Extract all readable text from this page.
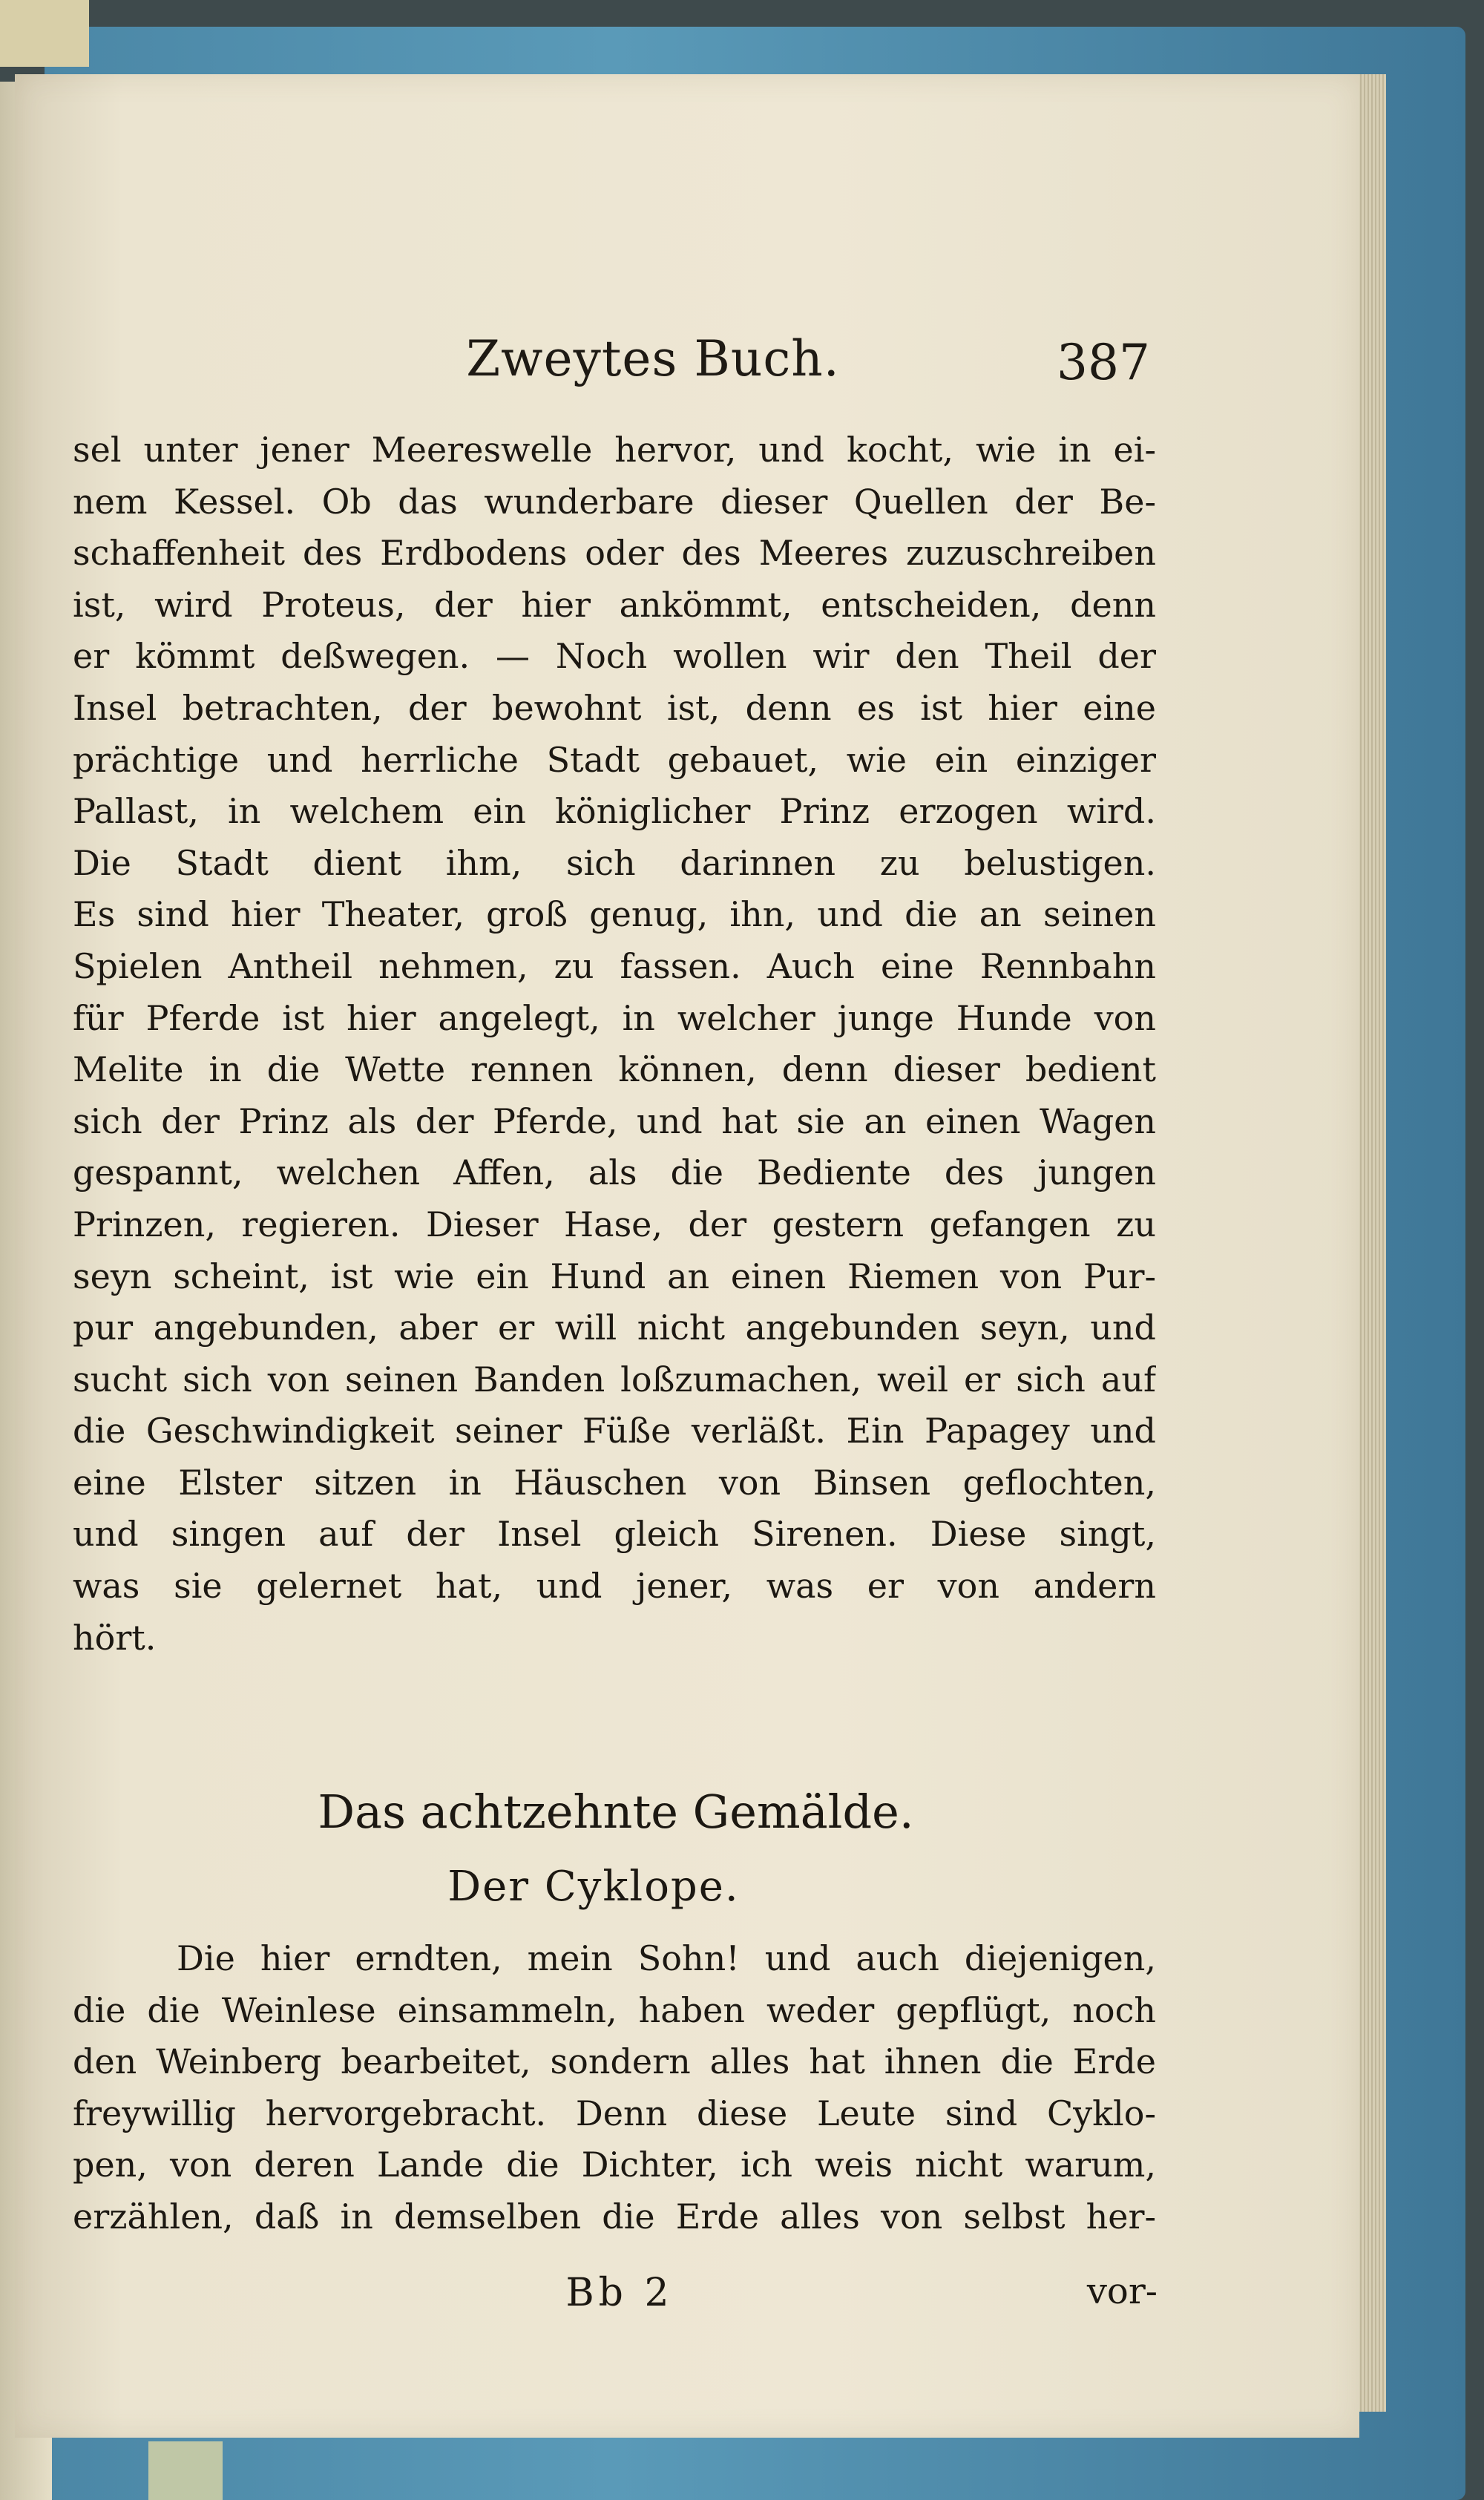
Zweytes Buch.	387
sel unter jener Meereswelle hervor, und kocht, wie in ei-
nem Kessel. Ob das wunderbare dieser Quellen der Be-
schaffenheit des Erdbodens oder des Meeres zuzuschreiben
ist, wird Proteus, der hier ankömmt, entscheiden, denn
er kömmt deßwegen. — Noch wollen wir den Theil der
Insel betrachten, der bewohnt ist, denn es ist hier eine
prächtige und herrliche Stadt gebauet, wie ein einziger
Pallast, in welchem ein königlicher Prinz erzogen wird.
Die Stadt dient ihm, sich darinnen zu belustigen.
Es sind hier Theater, groß genug, ihn, und die an seinen
Spielen Antheil nehmen, zu fassen. Auch eine Rennbahn
für Pferde ist hier angelegt, in welcher junge Hunde von
Melite in die Wette rennen können, denn dieser bedient
sich der Prinz als der Pferde, und hat sie an einen Wagen
gespannt, welchen Affen, als die Bediente des jungen
Prinzen, regieren. Dieser Hase, der gestern gefangen zu
seyn scheint, ist wie ein Hund an einen Riemen von Pur-
pur angebunden, aber er will nicht angebunden seyn, und
sucht sich von seinen Banden loßzumachen, weil er sich auf
die Geschwindigkeit seiner Füße verläßt. Ein Papagey und
eine Elster sitzen in Häuschen von Binsen geflochten,
und singen auf der Insel gleich Sirenen. Diese singt,
was sie gelernet hat, und jener, was er von andern
hört.
Das achtzehnte Gemälde.
Der Cyklope.
Die hier erndten, mein Sohn! und auch diejenigen,
die die Weinlese einsammeln, haben weder gepflügt, noch
den Weinberg bearbeitet, sondern alles hat ihnen die Erde
freywillig hervorgebracht. Denn diese Leute sind Cyklo-
pen, von deren Lande die Dichter, ich weis nicht warum,
erzählen, daß in demselben die Erde alles von selbst her-
Bb 2	vor-
